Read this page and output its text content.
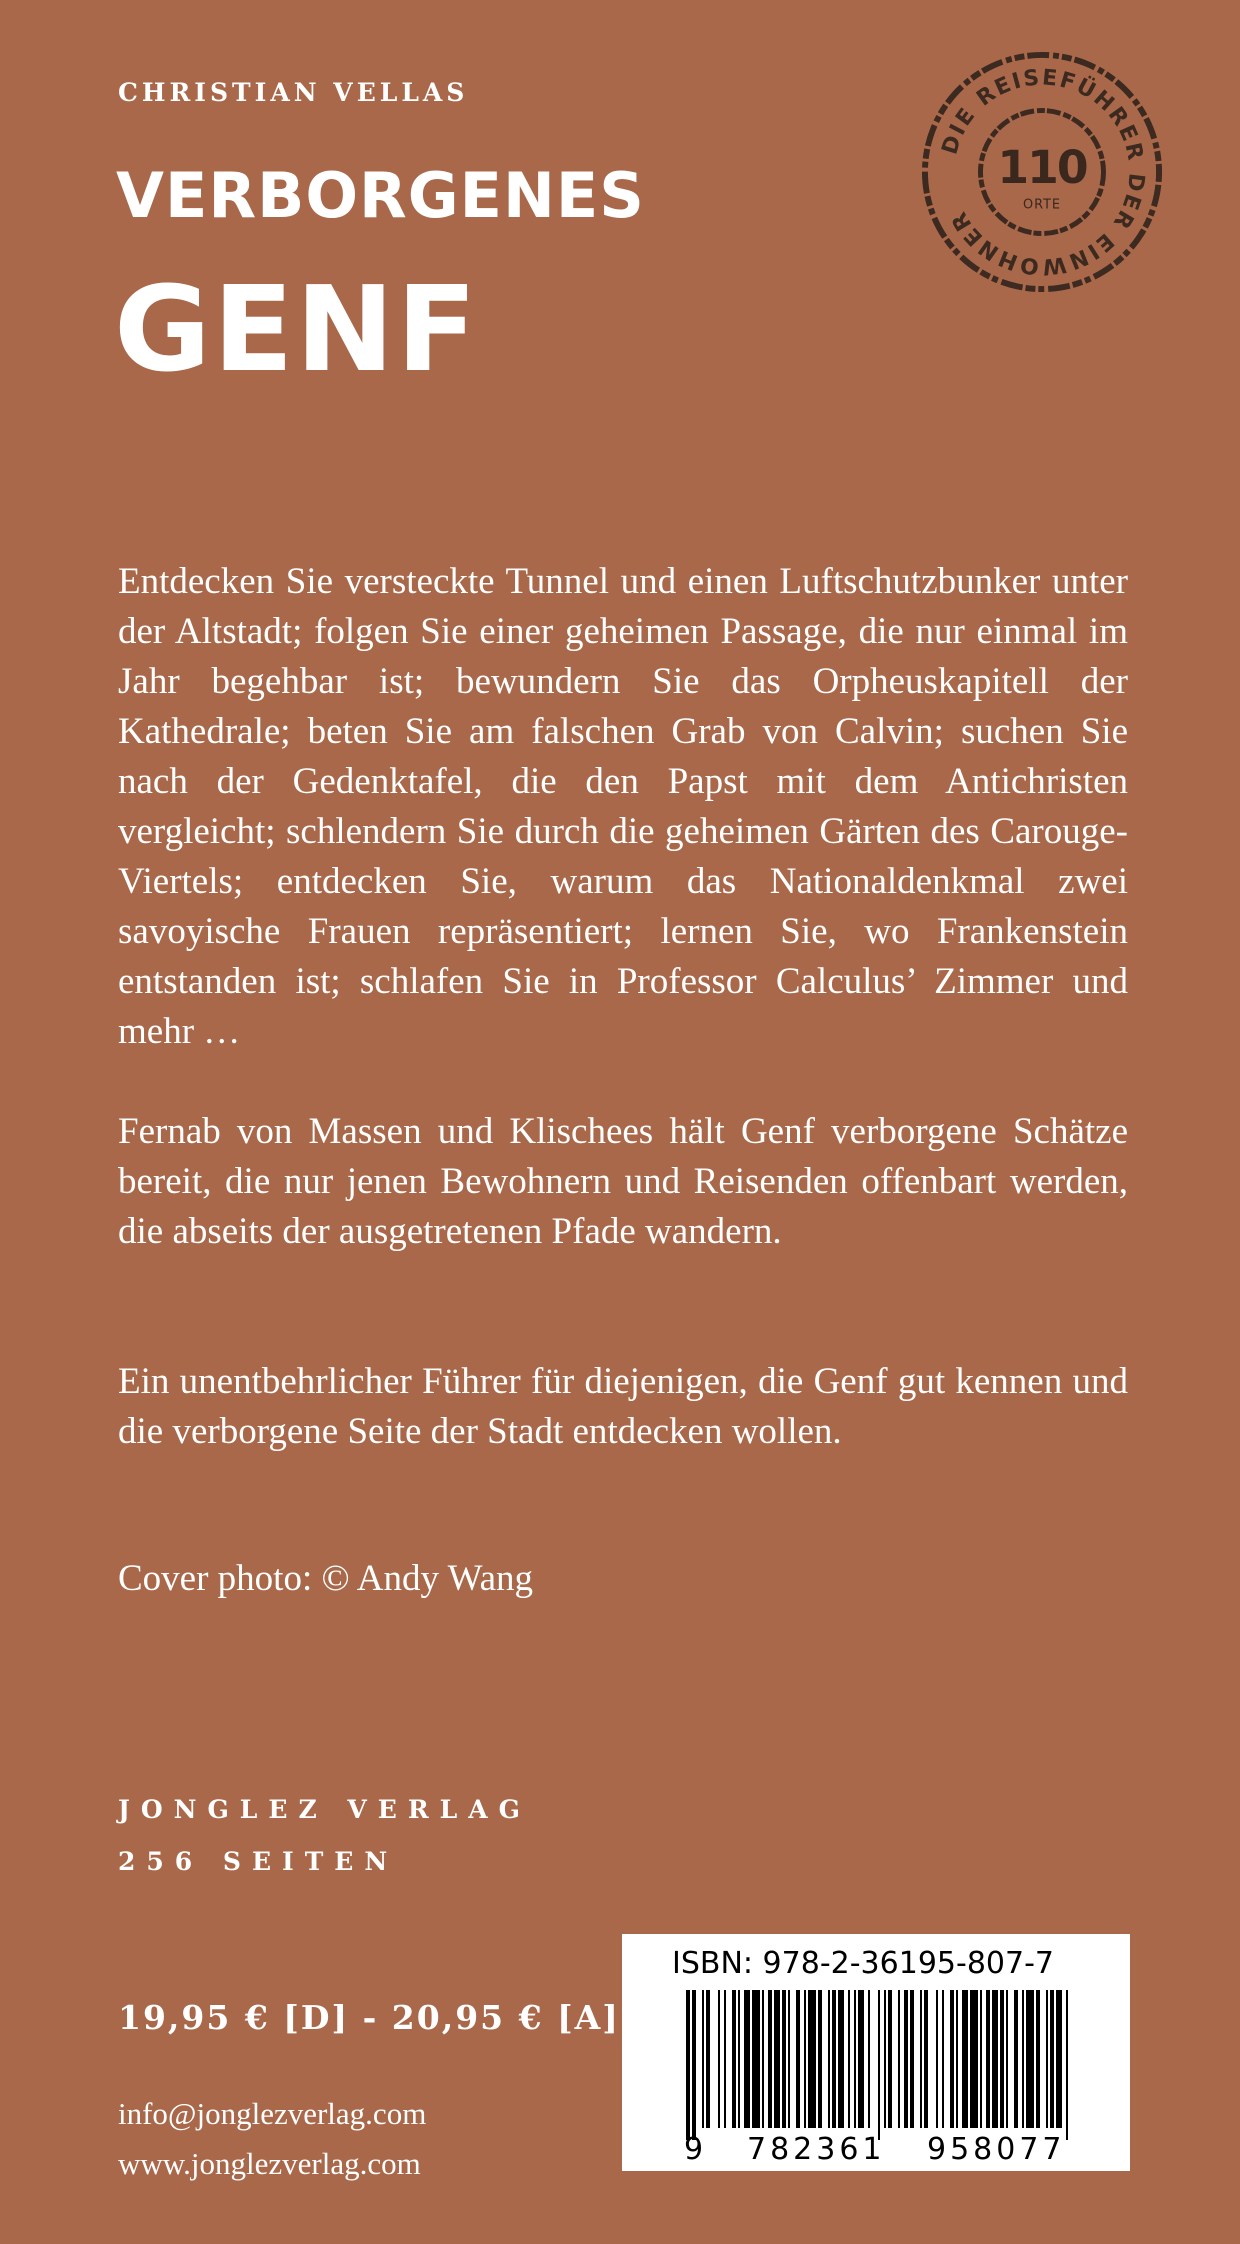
CHRISTIAN VELLAS
VERBORGENES
GENF
DIE REISEFÜHRER DER EINWOHNER
110
ORTE

Entdecken Sie versteckte Tunnel und einen Luftschutzbunker unter der Altstadt; folgen Sie einer geheimen Passage, die nur einmal im Jahr begehbar ist; bewundern Sie das Orpheuskapitell der Kathedrale; beten Sie am falschen Grab von Calvin; suchen Sie nach der Gedenktafel, die den Papst mit dem Antichristen vergleicht; schlendern Sie durch die geheimen Gärten des Carouge-Viertels; entdecken Sie, warum das Nationaldenkmal zwei savoyische Frauen repräsentiert; lernen Sie, wo Frankenstein entstanden ist; schlafen Sie in Professor Calculus’ Zimmer und mehr …

Fernab von Massen und Klischees hält Genf verborgene Schätze bereit, die nur jenen Bewohnern und Reisenden offenbart werden, die abseits der ausgetretenen Pfade wandern.

Ein unentbehrlicher Führer für diejenigen, die Genf gut kennen und die verborgene Seite der Stadt entdecken wollen.

Cover photo: © Andy Wang
JONGLEZ VERLAG
256 SEITEN
19,95 € [D] - 20,95 € [A]
info@jonglezverlag.com
www.jonglezverlag.com
ISBN: 978-2-36195-807-7
9 782361 958077
